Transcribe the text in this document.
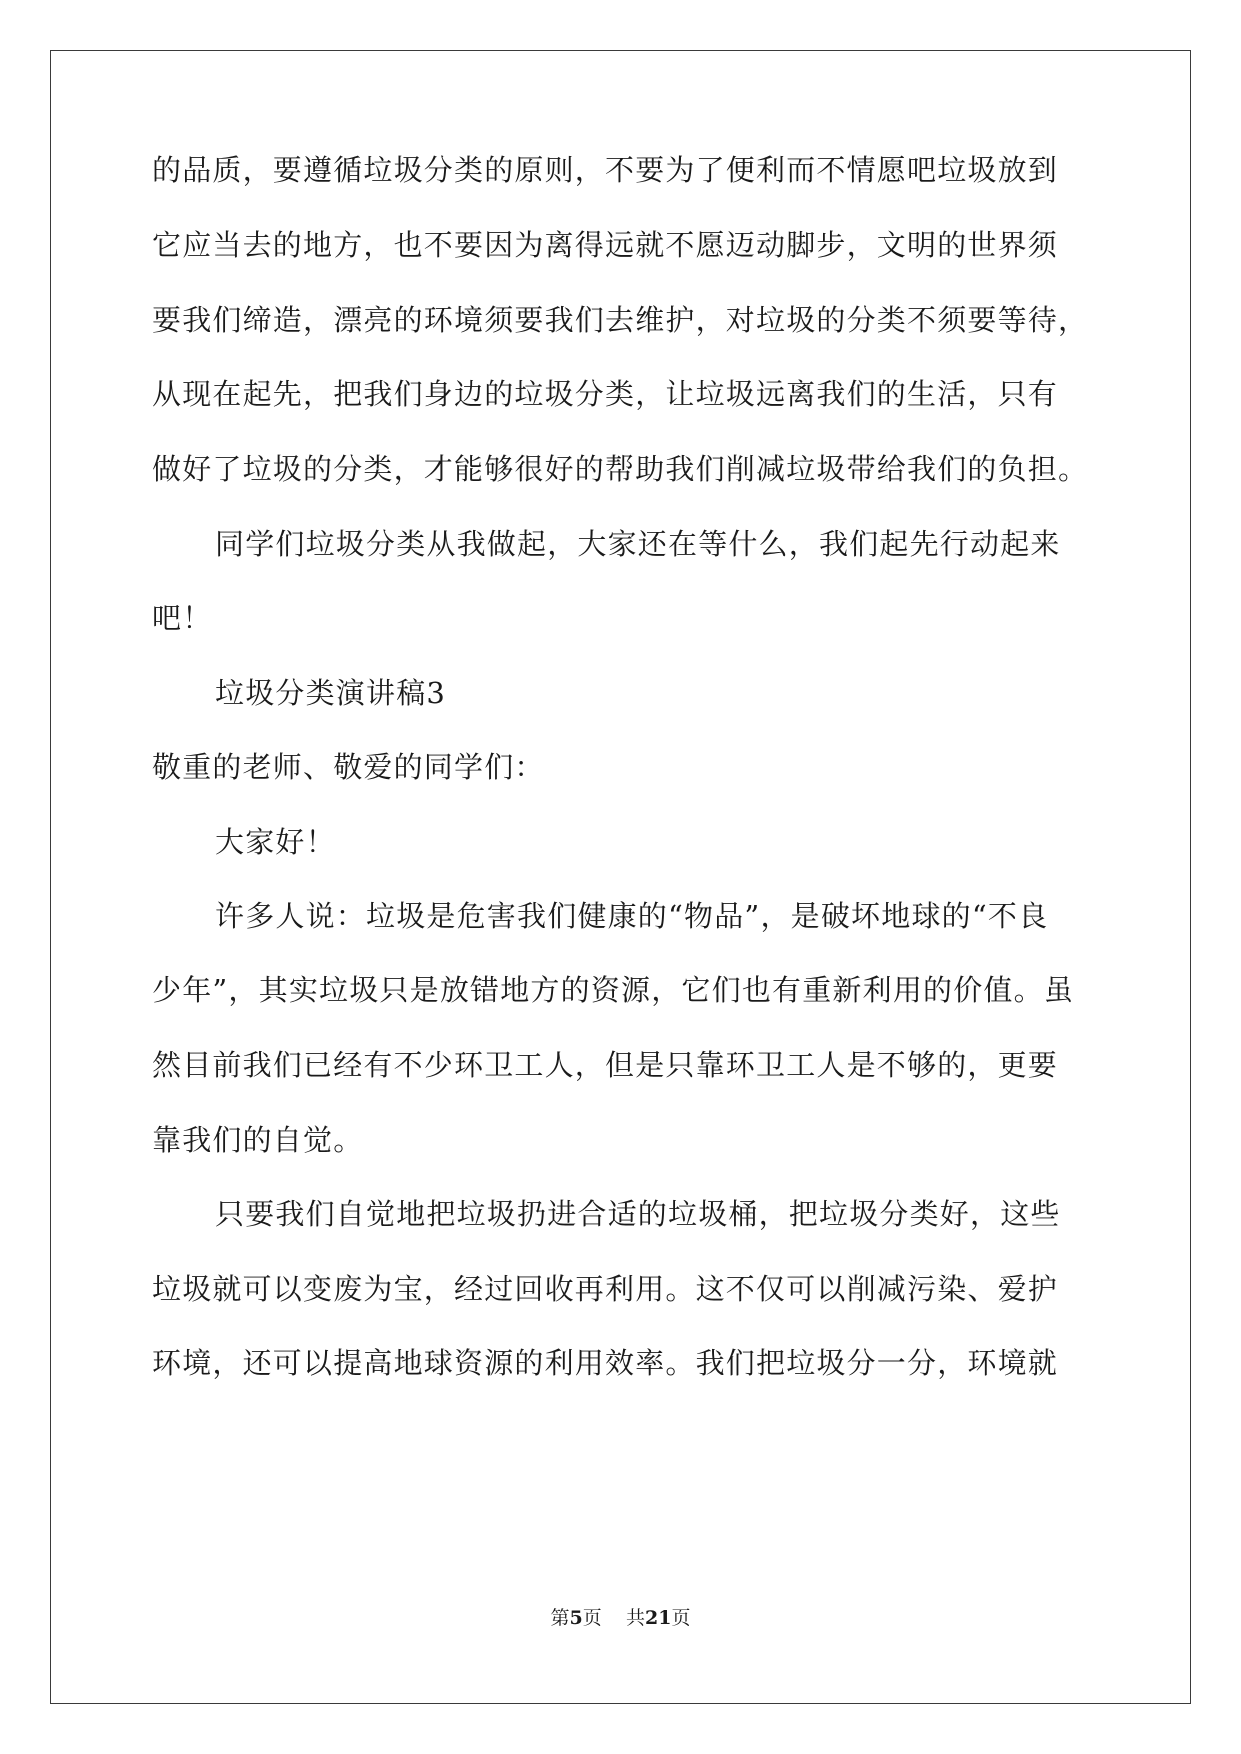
的品质，要遵循垃圾分类的原则，不要为了便利而不情愿吧垃圾放到
它应当去的地方，也不要因为离得远就不愿迈动脚步，文明的世界须
要我们缔造，漂亮的环境须要我们去维护，对垃圾的分类不须要等待，
从现在起先，把我们身边的垃圾分类，让垃圾远离我们的生活，只有
做好了垃圾的分类，才能够很好的帮助我们削减垃圾带给我们的负担。
同学们垃圾分类从我做起，大家还在等什么，我们起先行动起来
吧！
垃圾分类演讲稿3
敬重的老师、敬爱的同学们：
大家好！
许多人说：垃圾是危害我们健康的“物品”，是破坏地球的“不良
少年”，其实垃圾只是放错地方的资源，它们也有重新利用的价值。虽
然目前我们已经有不少环卫工人，但是只靠环卫工人是不够的，更要
靠我们的自觉。
只要我们自觉地把垃圾扔进合适的垃圾桶，把垃圾分类好，这些
垃圾就可以变废为宝，经过回收再利用。这不仅可以削减污染、爱护
环境，还可以提高地球资源的利用效率。我们把垃圾分一分，环境就
第5页 共21页
